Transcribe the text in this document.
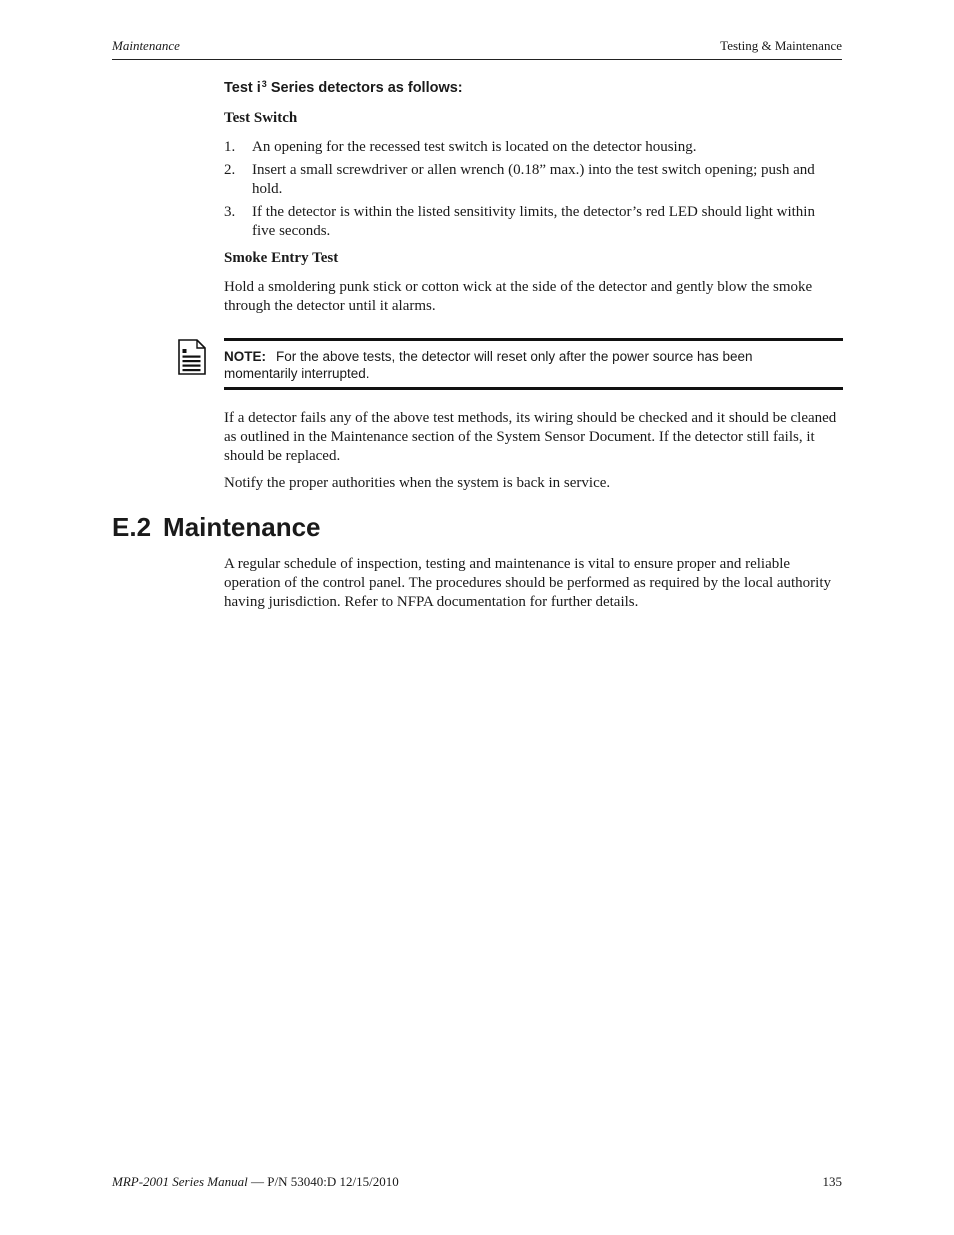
Maintenance	Testing & Maintenance
Test $i^3$ Series detectors as follows:
Test Switch
1. An opening for the recessed test switch is located on the detector housing.
2. Insert a small screwdriver or allen wrench (0.18” max.) into the test switch opening; push and hold.
3. If the detector is within the listed sensitivity limits, the detector’s red LED should light within five seconds.
Smoke Entry Test

Hold a smoldering punk stick or cotton wick at the side of the detector and gently blow the smoke through the detector until it alarms.

NOTE: For the above tests, the detector will reset only after the power source has been momentarily interrupted.

If a detector fails any of the above test methods, its wiring should be checked and it should be cleaned as outlined in the Maintenance section of the System Sensor Document. If the detector still fails, it should be replaced.

Notify the proper authorities when the system is back in service.

E.2 Maintenance

A regular schedule of inspection, testing and maintenance is vital to ensure proper and reliable operation of the control panel. The procedures should be performed as required by the local authority having jurisdiction. Refer to NFPA documentation for further details.

MRP-2001 Series Manual — P/N 53040:D 12/15/2010	135
